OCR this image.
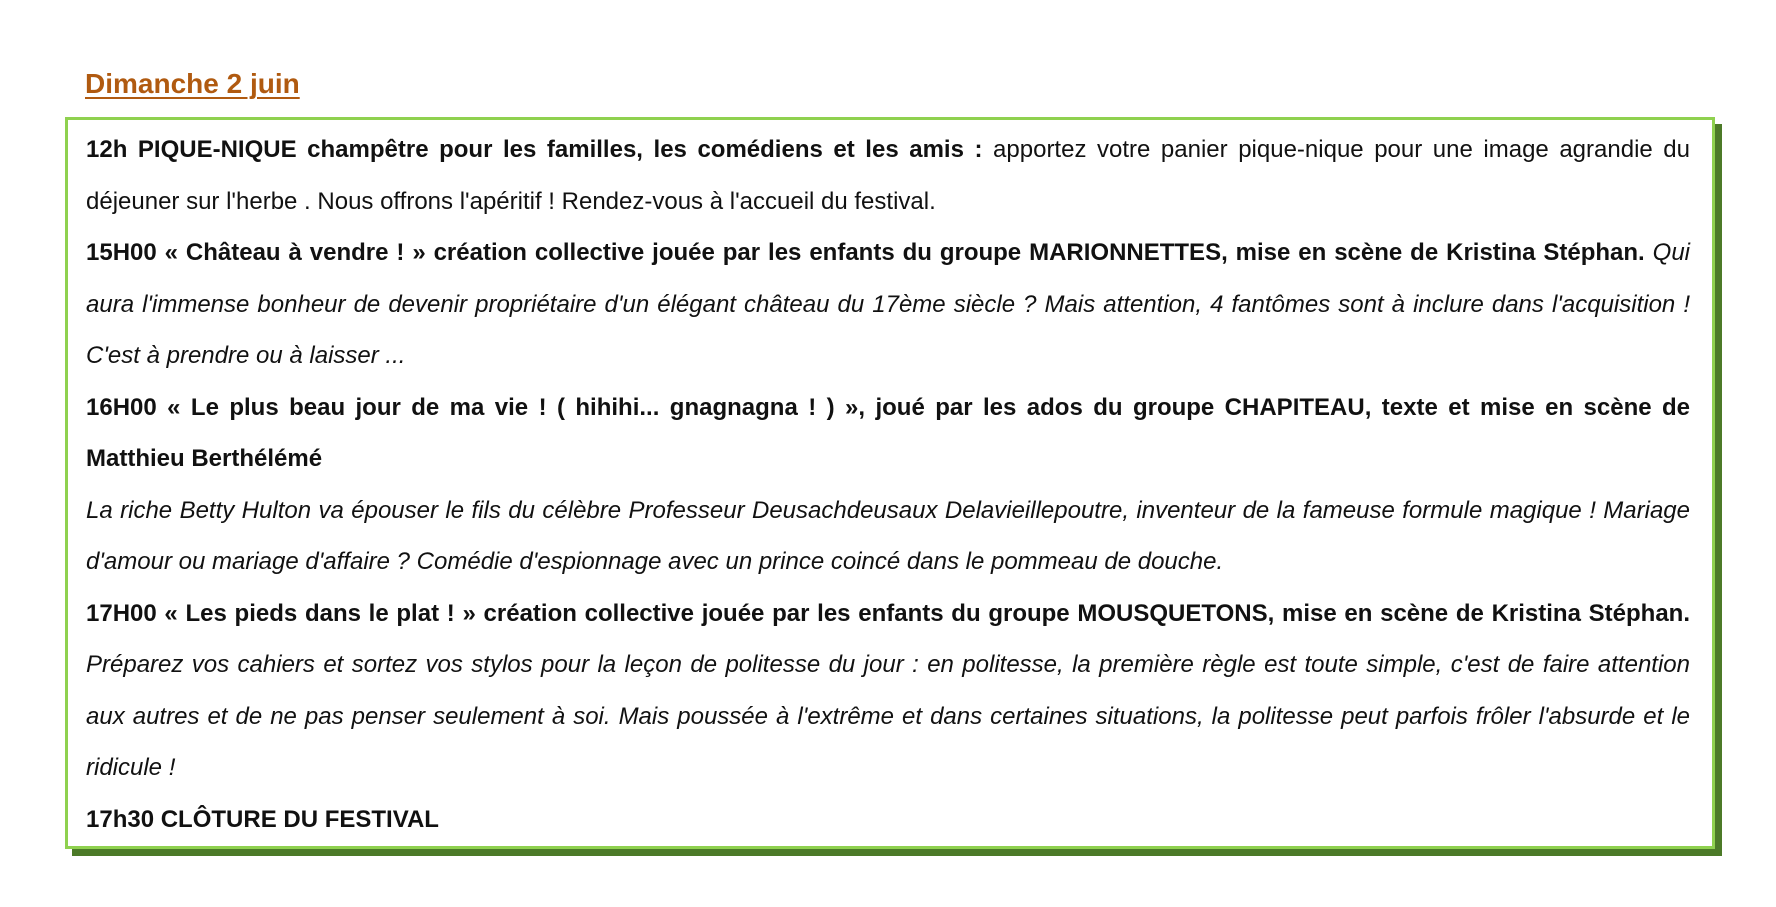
Dimanche 2 juin

12h PIQUE-NIQUE champêtre pour les familles, les comédiens et les amis : apportez votre panier pique-nique pour une image agrandie du déjeuner sur l'herbe . Nous offrons l'apéritif ! Rendez-vous à l'accueil du festival.

15H00 « Château à vendre ! » création collective jouée par les enfants du groupe MARIONNETTES, mise en scène de Kristina Stéphan. Qui aura l'immense bonheur de devenir propriétaire d'un élégant château du 17ème siècle ? Mais attention, 4 fantômes sont à inclure dans l'acquisition ! C'est à prendre ou à laisser ...

16H00 « Le plus beau jour de ma vie ! ( hihihi... gnagnagna ! ) », joué par les ados du groupe CHAPITEAU, texte et mise en scène de Matthieu Berthélémé

La riche Betty Hulton va épouser le fils du célèbre Professeur Deusachdeusaux Delavieillepoutre, inventeur de la fameuse formule magique ! Mariage d'amour ou mariage d'affaire ? Comédie d'espionnage avec un prince coincé dans le pommeau de douche.

17H00 « Les pieds dans le plat ! » création collective jouée par les enfants du groupe MOUSQUETONS, mise en scène de Kristina Stéphan. Préparez vos cahiers et sortez vos stylos pour la leçon de politesse du jour : en politesse, la première règle est toute simple, c'est de faire attention aux autres et de ne pas penser seulement à soi. Mais poussée à l'extrême et dans certaines situations, la politesse peut parfois frôler l'absurde et le ridicule !

17h30 CLÔTURE DU FESTIVAL
